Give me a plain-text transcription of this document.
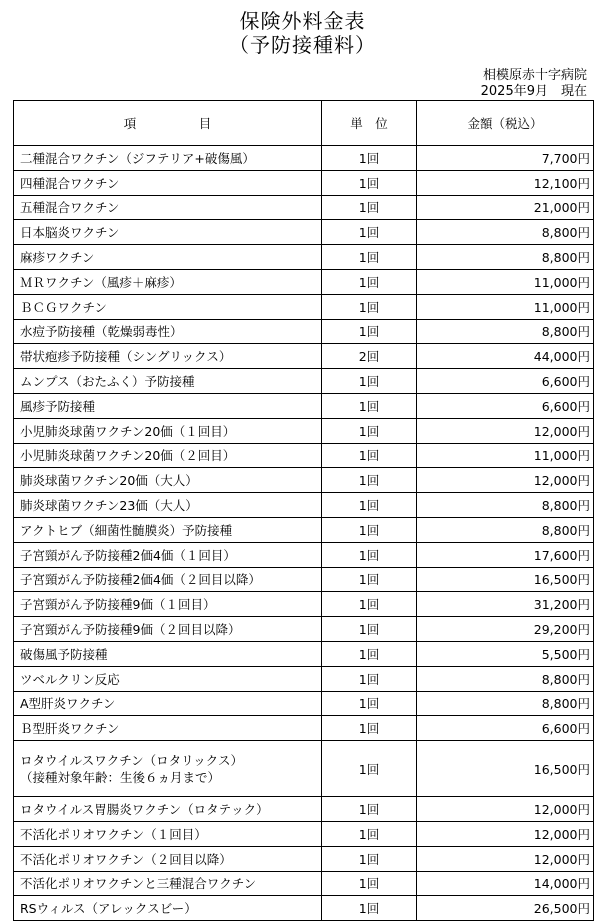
保険外料金表
（予防接種料）
相模原赤十字病院
2025年9月　現在
項　　　　　目	単　位	金額（税込）
二種混合ワクチン（ジフテリア+破傷風）	1回	7,700円
四種混合ワクチン	1回	12,100円
五種混合ワクチン	1回	21,000円
日本脳炎ワクチン	1回	8,800円
麻疹ワクチン	1回	8,800円
ＭＲワクチン（風疹＋麻疹）	1回	11,000円
ＢＣＧワクチン	1回	11,000円
水痘予防接種（乾燥弱毒性）	1回	8,800円
帯状疱疹予防接種（シングリックス）	2回	44,000円
ムンプス（おたふく）予防接種	1回	6,600円
風疹予防接種	1回	6,600円
小児肺炎球菌ワクチン20価（１回目）	1回	12,000円
小児肺炎球菌ワクチン20価（２回目）	1回	11,000円
肺炎球菌ワクチン20価（大人）	1回	12,000円
肺炎球菌ワクチン23価（大人）	1回	8,800円
アクトヒブ（細菌性髄膜炎）予防接種	1回	8,800円
子宮頸がん予防接種2価4価（１回目）	1回	17,600円
子宮頸がん予防接種2価4価（２回目以降）	1回	16,500円
子宮頸がん予防接種9価（１回目）	1回	31,200円
子宮頸がん予防接種9価（２回目以降）	1回	29,200円
破傷風予防接種	1回	5,500円
ツベルクリン反応	1回	8,800円
A型肝炎ワクチン	1回	8,800円
Ｂ型肝炎ワクチン	1回	6,600円

ロタウイルスワクチン（ロタリックス）
（接種対象年齢：生後６ヵ月まで）	1回	16,500円
ロタウイルス胃腸炎ワクチン（ロタテック）	1回	12,000円
不活化ポリオワクチン（１回目）	1回	12,000円
不活化ポリオワクチン（２回目以降）	1回	12,000円
不活化ポリオワクチンと三種混合ワクチン	1回	14,000円
RSウィルス（アレックスビー）	1回	26,500円
